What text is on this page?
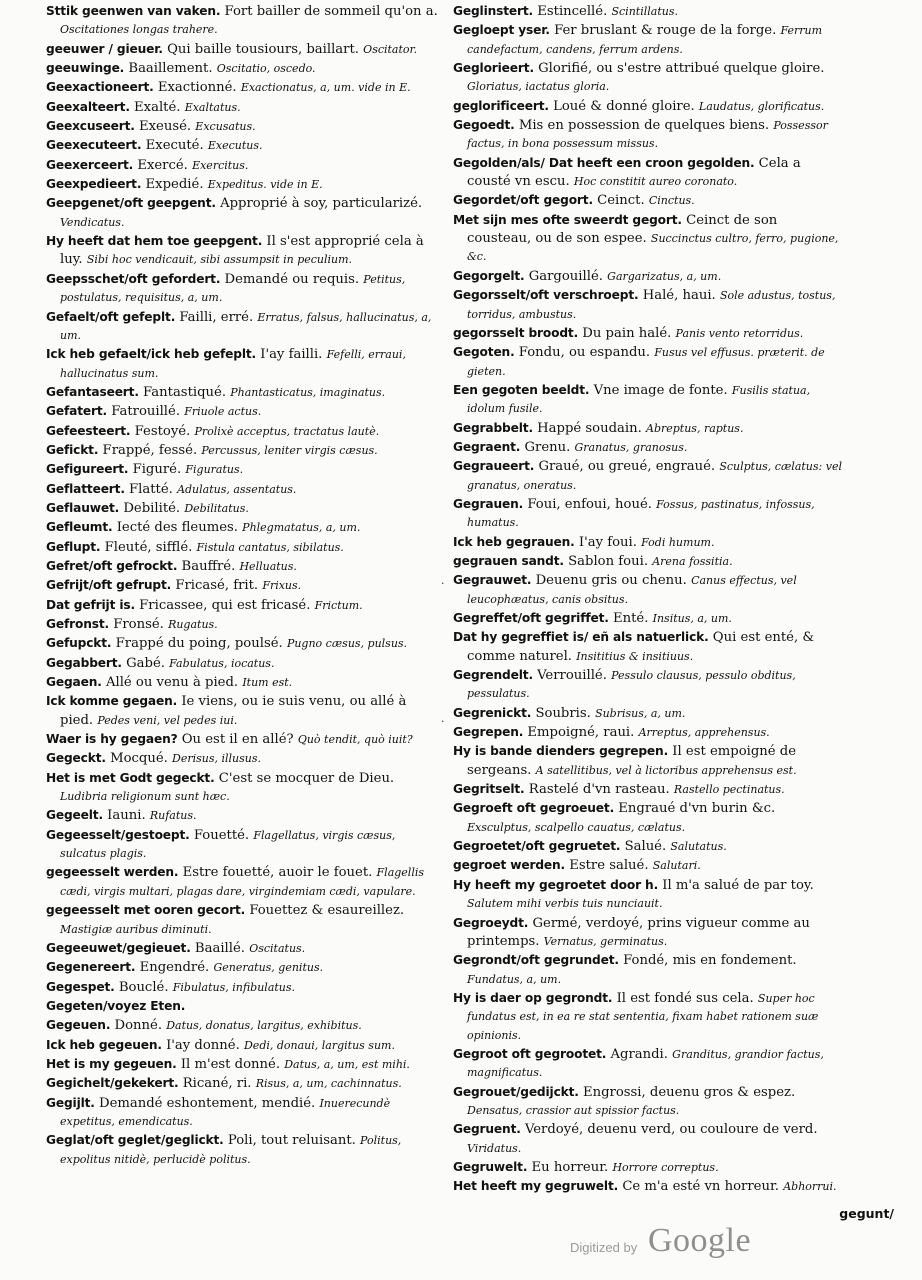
Sttik geenwen van vaken. Fort bailler de sommeil qu'on a. Oscitationes longas trahere.
geeuwer / gieuer. Qui baille tousiours, baillart. Oscitator.
geeuwinge. Baaillement. Oscitatio, oscedo.
Geexactioneert. Exactionné. Exactionatus, a, um. vide in E.
Geexalteert. Exalté. Exaltatus.
Geexcuseert. Exeusé. Excusatus.
Geexecuteert. Executé. Executus.
Geexerceert. Exercé. Exercitus.
Geexpedieert. Expedié. Expeditus. vide in E.
Geepgenet/oft geepgent. Approprié à soy, particularizé. Vendicatus.
Hy heeft dat hem toe geepgent. Il s'est approprié cela à luy. Sibi hoc vendicauit, sibi assumpsit in peculium.
Geepsschet/oft gefordert. Demandé ou requis. Petitus, postulatus, requisitus, a, um.
Gefaelt/oft gefeplt. Failli, erré. Erratus, falsus, hallucinatus, a, um.
Ick heb gefaelt/ick heb gefeplt. I'ay failli. Fefelli, erraui, hallucinatus sum.
Gefantaseert. Fantastiqué. Phantasticatus, imaginatus.
Gefatert. Fatrouillé. Friuole actus.
Gefeesteert. Festoyé. Prolixè acceptus, tractatus lautè.
Gefickt. Frappé, fessé. Percussus, leniter virgis cæsus.
Gefigureert. Figuré. Figuratus.
Geflatteert. Flatté. Adulatus, assentatus.
Geflauwet. Debilité. Debilitatus.
Gefleumt. Iecté des fleumes. Phlegmatatus, a, um.
Geflupt. Fleuté, sifflé. Fistula cantatus, sibilatus.
Gefret/oft gefrockt. Bauffré. Helluatus.
Gefrijt/oft gefrupt. Fricasé, frit. Frixus.
Dat gefrijt is. Fricassee, qui est fricasé. Frictum.
Gefronst. Fronsé. Rugatus.
Gefupckt. Frappé du poing, poulsé. Pugno cæsus, pulsus.
Gegabbert. Gabé. Fabulatus, iocatus.
Gegaen. Allé ou venu à pied. Itum est.
Ick komme gegaen. Ie viens, ou ie suis venu, ou allé à pied. Pedes veni, vel pedes iui.
Waer is hy gegaen? Ou est il en allé? Quò tendit, quò iuit?
Gegeckt. Mocqué. Derisus, illusus.
Het is met Godt gegeckt. C'est se mocquer de Dieu. Ludibria religionum sunt hæc.
Gegeelt. Iauni. Rufatus.
Gegeesselt/gestoept. Fouetté. Flagellatus, virgis cæsus, sulcatus plagis.
gegeesselt werden. Estre fouetté, auoir le fouet. Flagellis cædi, virgis multari, plagas dare, virgindemiam cædi, vapulare.
gegeesselt met ooren gecort. Fouettez & esaureillez. Mastigiæ auribus diminuti.
Gegeeuwet/gegieuet. Baaillé. Oscitatus.
Gegenereert. Engendré. Generatus, genitus.
Gegespet. Bouclé. Fibulatus, infibulatus.
Gegeten/voyez Eten.
Gegeuen. Donné. Datus, donatus, largitus, exhibitus.
Ick heb gegeuen. I'ay donné. Dedi, donaui, largitus sum.
Het is my gegeuen. Il m'est donné. Datus, a, um, est mihi.
Gegichelt/gekekert. Ricané, ri. Risus, a, um, cachinnatus.
Gegijlt. Demandé eshontement, mendié. Inuerecundè expetitus, emendicatus.
Geglat/oft geglet/geglickt. Poli, tout reluisant. Politus, expolitus nitidè, perlucidè politus.
Geglinstert. Estincellé. Scintillatus.
Gegloept yser. Fer bruslant & rouge de la forge. Ferrum candefactum, candens, ferrum ardens.
Geglorieert. Glorifié, ou s'estre attribué quelque gloire. Gloriatus, iactatus gloria.
geglorificeert. Loué & donné gloire. Laudatus, glorificatus.
Gegoedt. Mis en possession de quelques biens. Possessor factus, in bona possessum missus.
Gegolden/als/ Dat heeft een croon gegolden. Cela a cousté vn escu. Hoc constitit aureo coronato.
Gegordet/oft gegort. Ceinct. Cinctus.
Met sijn mes ofte sweerdt gegort. Ceinct de son cousteau, ou de son espee. Succinctus cultro, ferro, pugione, &c.
Gegorgelt. Gargouillé. Gargarizatus, a, um.
Gegorsselt/oft verschroept. Halé, haui. Sole adustus, tostus, torridus, ambustus.
gegorsselt broodt. Du pain halé. Panis vento retorridus.
Gegoten. Fondu, ou espandu. Fusus vel effusus. præterit. de gieten.
Een gegoten beeldt. Vne image de fonte. Fusilis statua, idolum fusile.
Gegrabbelt. Happé soudain. Abreptus, raptus.
Gegraent. Grenu. Granatus, granosus.
Gegraueert. Graué, ou greué, engraué. Sculptus, cælatus: vel granatus, oneratus.
Gegrauen. Foui, enfoui, houé. Fossus, pastinatus, infossus, humatus.
Ick heb gegrauen. I'ay foui. Fodi humum.
gegrauen sandt. Sablon foui. Arena fossitia.
Gegrauwet. Deuenu gris ou chenu. Canus effectus, vel leucophæatus, canis obsitus.
Gegreffet/oft gegriffet. Enté. Insitus, a, um.
Dat hy gegreffiet is/ eñ als natuerlick. Qui est enté, & comme naturel. Insititius & insitiuus.
Gegrendelt. Verrouillé. Pessulo clausus, pessulo obditus, pessulatus.
Gegrenickt. Soubris. Subrisus, a, um.
Gegrepen. Empoigné, raui. Arreptus, apprehensus.
Hy is bande dienders gegrepen. Il est empoigné de sergeans. A satellitibus, vel à lictoribus apprehensus est.
Gegritselt. Rastelé d'vn rasteau. Rastello pectinatus.
Gegroeft oft gegroeuet. Engraué d'vn burin &c. Exsculptus, scalpello cauatus, cælatus.
Gegroetet/oft gegruetet. Salué. Salutatus.
gegroet werden. Estre salué. Salutari.
Hy heeft my gegroetet door h. Il m'a salué de par toy. Salutem mihi verbis tuis nunciauit.
Gegroeydt. Germé, verdoyé, prins vigueur comme au printemps. Vernatus, germinatus.
Gegrondt/oft gegrundet. Fondé, mis en fondement. Fundatus, a, um.
Hy is daer op gegrondt. Il est fondé sus cela. Super hoc fundatus est, in ea re stat sententia, fixam habet rationem suæ opinionis.
Gegroot oft gegrootet. Agrandi. Granditus, grandior factus, magnificatus.
Gegrouet/gedijckt. Engrossi, deuenu gros & espez. Densatus, crassior aut spissior factus.
Gegruent. Verdoyé, deuenu verd, ou couloure de verd. Viridatus.
Gegruwelt. Eu horreur. Horrore correptus.
Het heeft my gegruwelt. Ce m'a esté vn horreur. Abhorrui.
·
·
gegunt/
Digitized by Google
